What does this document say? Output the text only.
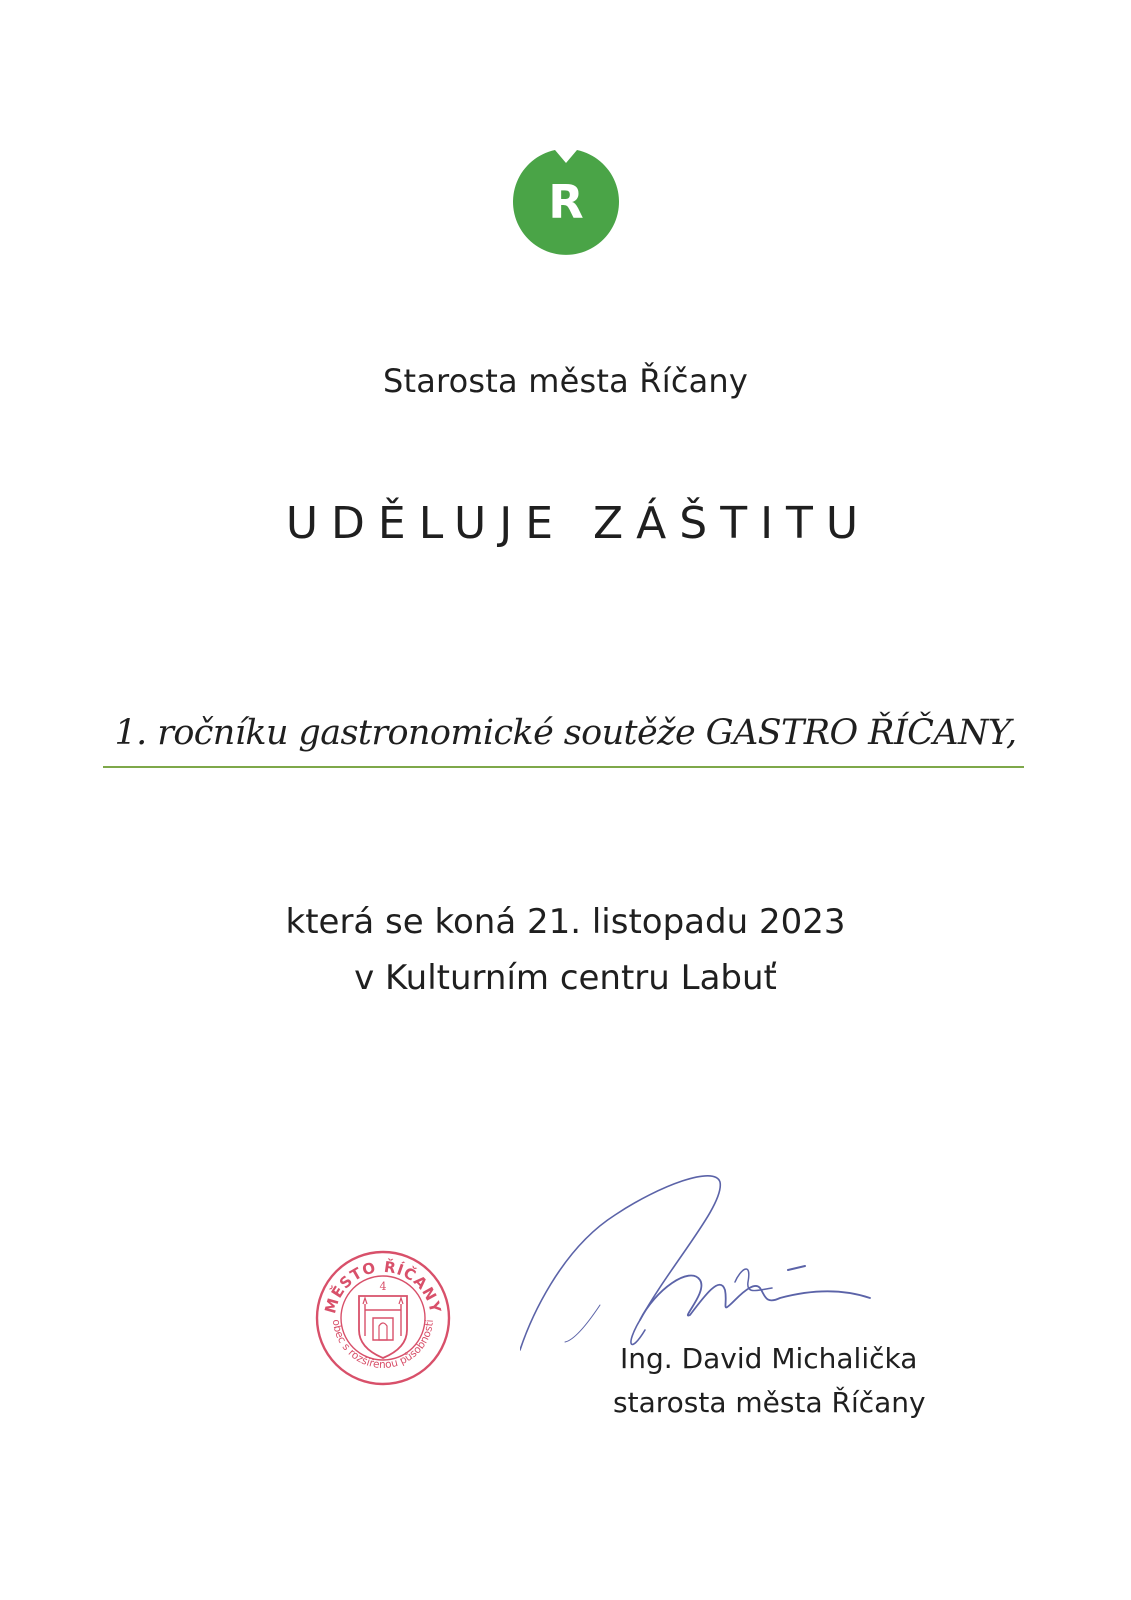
R
Starosta města Říčany
UDĚLUJE ZÁŠTITU
1. ročníku gastronomické soutěže GASTRO ŘÍČANY,
která se koná 21. listopadu 2023
v Kulturním centru Labuť
MĚSTO ŘÍČANY
obec s rozšířenou působností
4
Ing. David Michalička
starosta města Říčany
